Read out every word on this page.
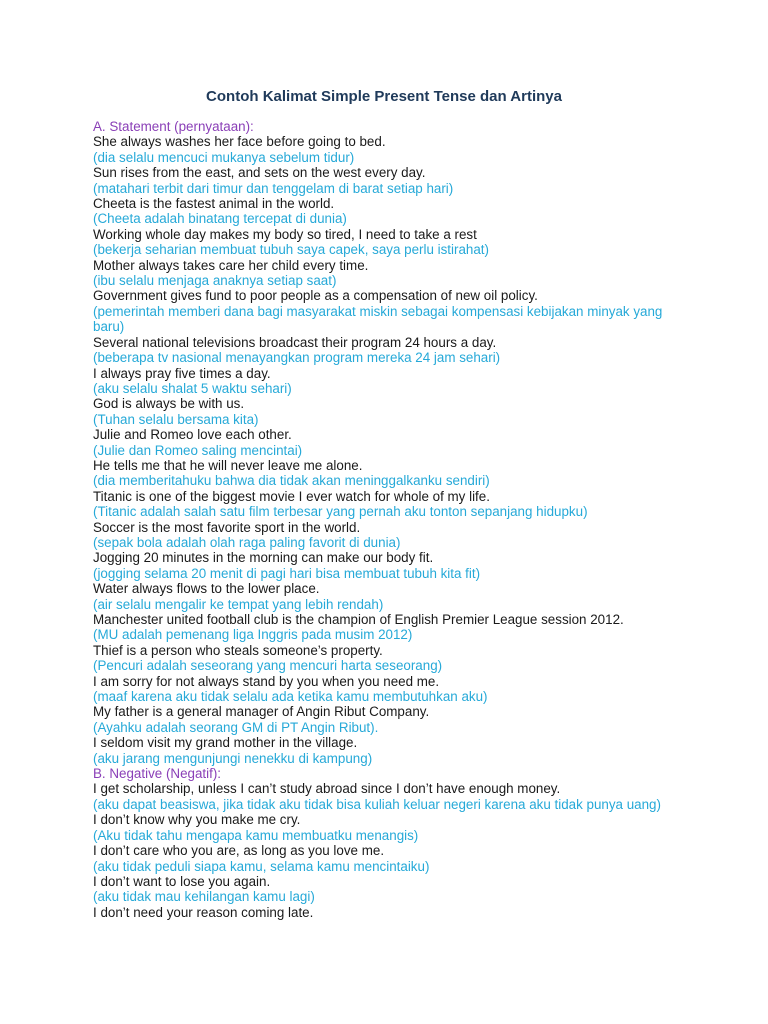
Contoh Kalimat Simple Present Tense dan Artinya

A. Statement (pernyataan):

She always washes her face before going to bed.

(dia selalu mencuci mukanya sebelum tidur)

Sun rises from the east, and sets on the west every day.

(matahari terbit dari timur dan tenggelam di barat setiap hari)

Cheeta is the fastest animal in the world.

(Cheeta adalah binatang tercepat di dunia)

Working whole day makes my body so tired, I need to take a rest

(bekerja seharian membuat tubuh saya capek, saya perlu istirahat)

Mother always takes care her child every time.

(ibu selalu menjaga anaknya setiap saat)

Government gives fund to poor people as a compensation of new oil policy.

(pemerintah memberi dana bagi masyarakat miskin sebagai kompensasi kebijakan minyak yang baru)

Several national televisions broadcast their program 24 hours a day.

(beberapa tv nasional menayangkan program mereka 24 jam sehari)

I always pray five times a day.

(aku selalu shalat 5 waktu sehari)

God is always be with us.

(Tuhan selalu bersama kita)

Julie and Romeo love each other.

(Julie dan Romeo saling mencintai)

He tells me that he will never leave me alone.

(dia memberitahuku bahwa dia tidak akan meninggalkanku sendiri)

Titanic is one of the biggest movie I ever watch for whole of my life.

(Titanic adalah salah satu film terbesar yang pernah aku tonton sepanjang hidupku)

Soccer is the most favorite sport in the world.

(sepak bola adalah olah raga paling favorit di dunia)

Jogging 20 minutes in the morning can make our body fit.

(jogging selama 20 menit di pagi hari bisa membuat tubuh kita fit)

Water always flows to the lower place.

(air selalu mengalir ke tempat yang lebih rendah)

Manchester united football club is the champion of English Premier League session 2012.

(MU adalah pemenang liga Inggris pada musim 2012)

Thief is a person who steals someone’s property.

(Pencuri adalah seseorang yang mencuri harta seseorang)

I am sorry for not always stand by you when you need me.

(maaf karena aku tidak selalu ada ketika kamu membutuhkan aku)

My father is a general manager of Angin Ribut Company.

(Ayahku adalah seorang GM di PT Angin Ribut).

I seldom visit my grand mother in the village.

(aku jarang mengunjungi nenekku di kampung)

B. Negative (Negatif):

I get scholarship, unless I can’t study abroad since I don’t have enough money.

(aku dapat beasiswa, jika tidak aku tidak bisa kuliah keluar negeri karena aku tidak punya uang)

I don’t know why you make me cry.

(Aku tidak tahu mengapa kamu membuatku menangis)

I don’t care who you are, as long as you love me.

(aku tidak peduli siapa kamu, selama kamu mencintaiku)

I don’t want to lose you again.

(aku tidak mau kehilangan kamu lagi)

I don’t need your reason coming late.
